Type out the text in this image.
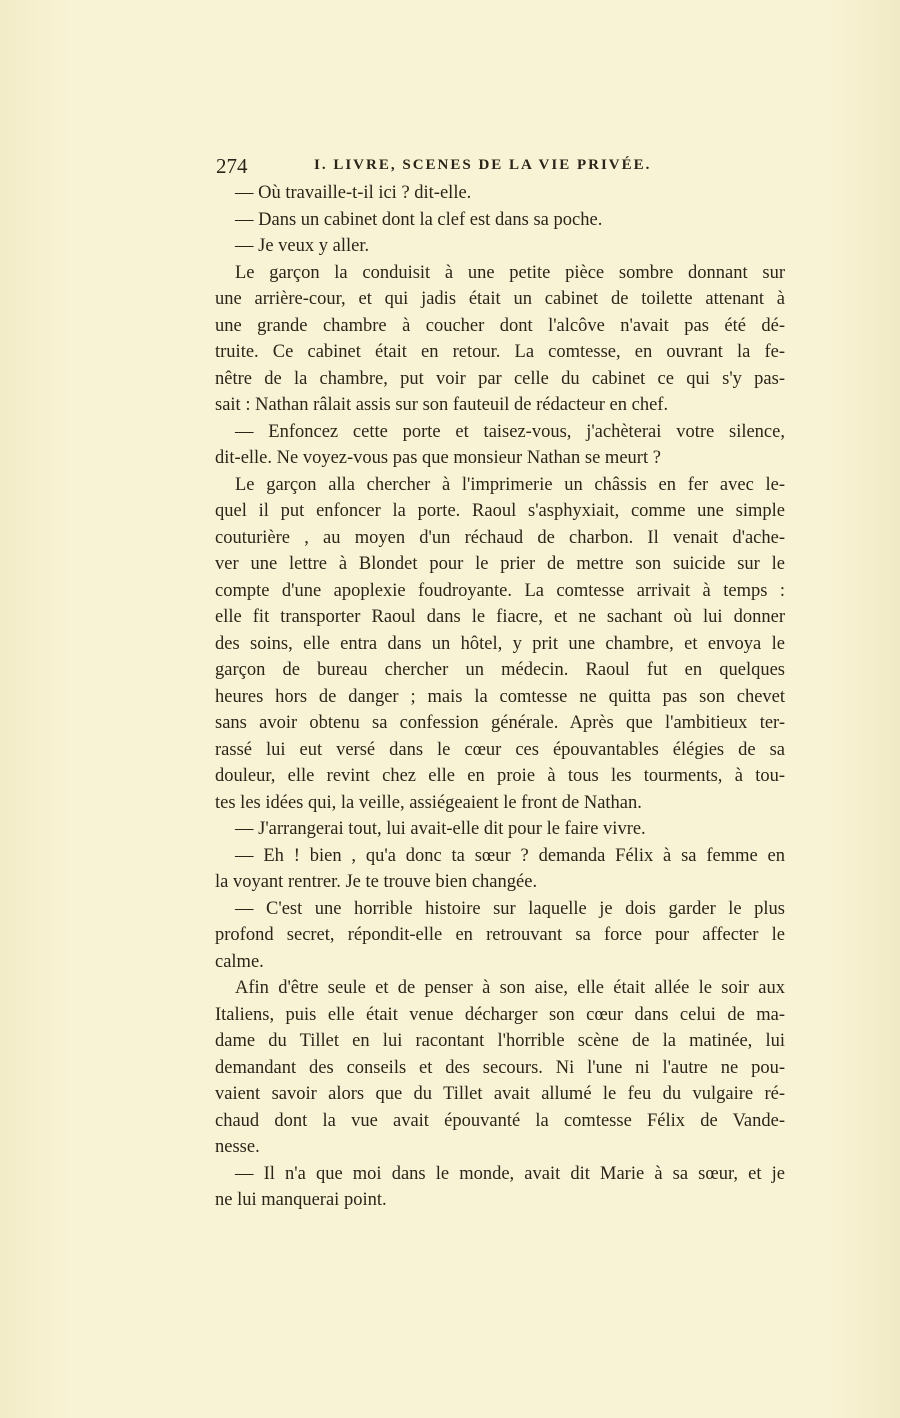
274	I. LIVRE, SCENES DE LA VIE PRIVÉE.
— Où travaille-t-il ici ? dit-elle.
— Dans un cabinet dont la clef est dans sa poche.
— Je veux y aller.
Le garçon la conduisit à une petite pièce sombre donnant sur
une arrière-cour, et qui jadis était un cabinet de toilette attenant à
une grande chambre à coucher dont l'alcôve n'avait pas été dé-
truite. Ce cabinet était en retour. La comtesse, en ouvrant la fe-
nêtre de la chambre, put voir par celle du cabinet ce qui s'y pas-
sait : Nathan râlait assis sur son fauteuil de rédacteur en chef.
— Enfoncez cette porte et taisez-vous, j'achèterai votre silence,
dit-elle. Ne voyez-vous pas que monsieur Nathan se meurt ?
Le garçon alla chercher à l'imprimerie un châssis en fer avec le-
quel il put enfoncer la porte. Raoul s'asphyxiait, comme une simple
couturière , au moyen d'un réchaud de charbon. Il venait d'ache-
ver une lettre à Blondet pour le prier de mettre son suicide sur le
compte d'une apoplexie foudroyante. La comtesse arrivait à temps :
elle fit transporter Raoul dans le fiacre, et ne sachant où lui donner
des soins, elle entra dans un hôtel, y prit une chambre, et envoya le
garçon de bureau chercher un médecin. Raoul fut en quelques
heures hors de danger ; mais la comtesse ne quitta pas son chevet
sans avoir obtenu sa confession générale. Après que l'ambitieux ter-
rassé lui eut versé dans le cœur ces épouvantables élégies de sa
douleur, elle revint chez elle en proie à tous les tourments, à tou-
tes les idées qui, la veille, assiégeaient le front de Nathan.
— J'arrangerai tout, lui avait-elle dit pour le faire vivre.
— Eh ! bien , qu'a donc ta sœur ? demanda Félix à sa femme en
la voyant rentrer. Je te trouve bien changée.
— C'est une horrible histoire sur laquelle je dois garder le plus
profond secret, répondit-elle en retrouvant sa force pour affecter le
calme.
Afin d'être seule et de penser à son aise, elle était allée le soir aux
Italiens, puis elle était venue décharger son cœur dans celui de ma-
dame du Tillet en lui racontant l'horrible scène de la matinée, lui
demandant des conseils et des secours. Ni l'une ni l'autre ne pou-
vaient savoir alors que du Tillet avait allumé le feu du vulgaire ré-
chaud dont la vue avait épouvanté la comtesse Félix de Vande-
nesse.
— Il n'a que moi dans le monde, avait dit Marie à sa sœur, et je
ne lui manquerai point.
